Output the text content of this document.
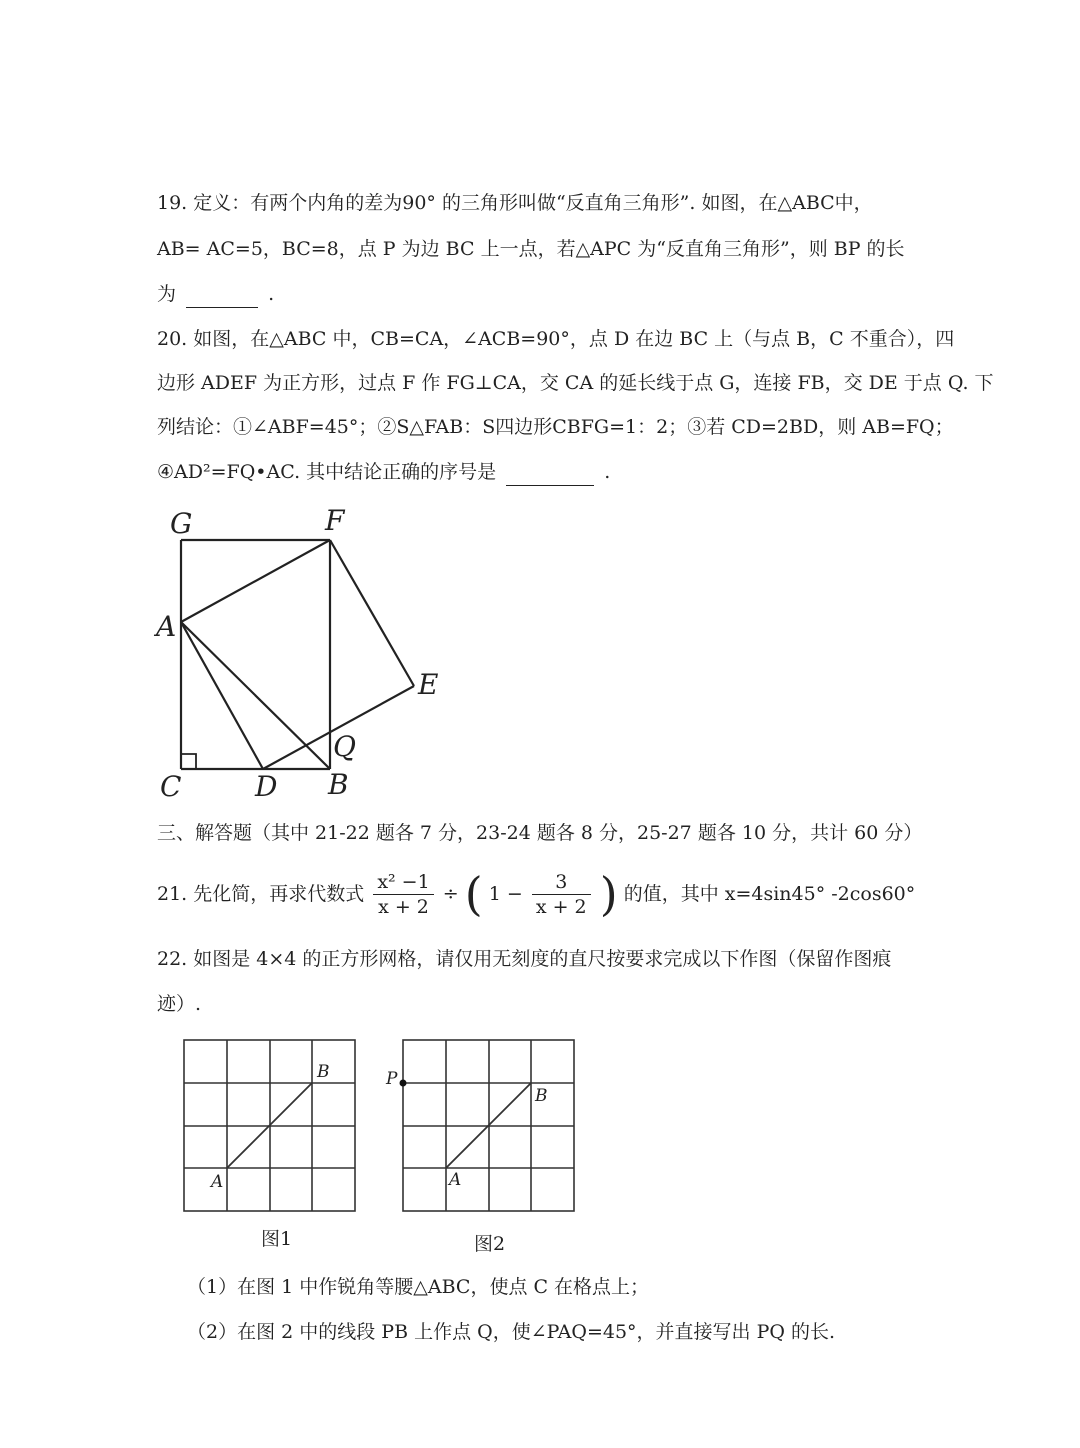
19. 定义：有两个内角的差为90° 的三角形叫做“反直角三角形”. 如图，在△ABC中，
AB= AC=5，BC=8，点 P 为边 BC 上一点，若△APC 为“反直角三角形”，则 BP 的长
为	.
20. 如图，在△ABC 中，CB=CA，∠ACB=90°，点 D 在边 BC 上（与点 B，C 不重合），四
边形 ADEF 为正方形，过点 F 作 FG⊥CA，交 CA 的延长线于点 G，连接 FB，交 DE 于点 Q. 下
列结论：①∠ABF=45°；②S△FAB：S四边形CBFG=1：2；③若 CD=2BD，则 AB=FQ；
④AD²=FQ•AC. 其中结论正确的序号是	.
G	F
A
E
Q
C	D B
三、解答题（其中 21-22 题各 7 分，23-24 题各 8 分，25-27 题各 10 分，共计 60 分）
21. 先化简，再求代数式 $\frac{\text{x² −1}}{x + 2}$ ÷ ( $1 - \frac{3}{x + 2}$ ) 的值，其中 x=4sin45° -2cos60°
22. 如图是 4×4 的正方形网格，请仅用无刻度的直尺按要求完成以下作图（保留作图痕
迹）.
A
B
图1
P
B
A
图2
（1）在图 1 中作锐角等腰△ABC，使点 C 在格点上；
（2）在图 2 中的线段 PB 上作点 Q，使∠PAQ=45°，并直接写出 PQ 的长.
